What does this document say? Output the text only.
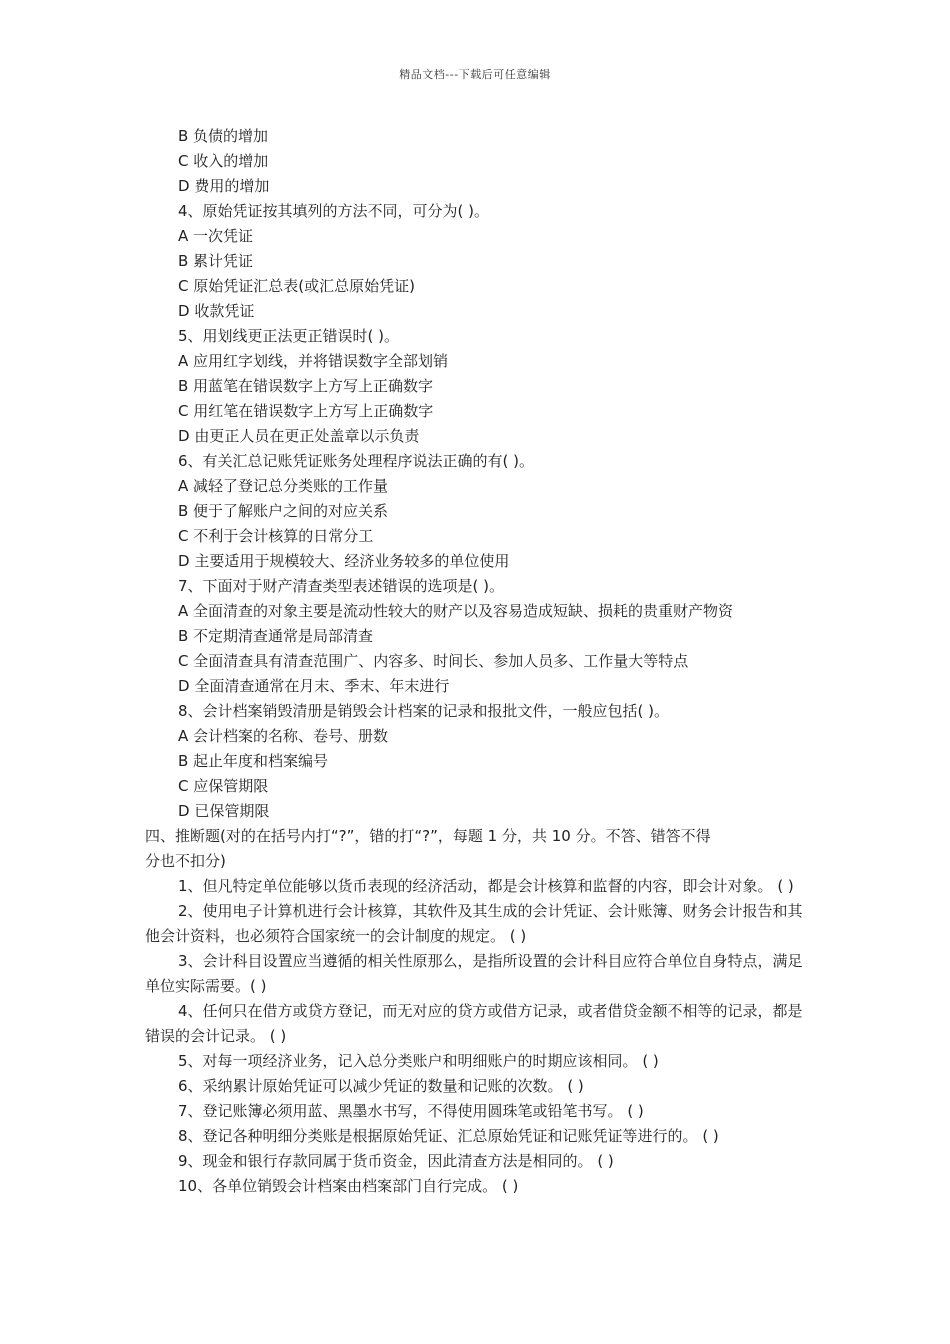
精品文档---下载后可任意编辑
B 负债的增加
C 收入的增加
D 费用的增加
4、原始凭证按其填列的方法不同，可分为( )。
A 一次凭证
B 累计凭证
C 原始凭证汇总表(或汇总原始凭证)
D 收款凭证
5、用划线更正法更正错误时( )。
A 应用红字划线，并将错误数字全部划销
B 用蓝笔在错误数字上方写上正确数字
C 用红笔在错误数字上方写上正确数字
D 由更正人员在更正处盖章以示负责
6、有关汇总记账凭证账务处理程序说法正确的有( )。
A 减轻了登记总分类账的工作量
B 便于了解账户之间的对应关系
C 不利于会计核算的日常分工
D 主要适用于规模较大、经济业务较多的单位使用
7、下面对于财产清查类型表述错误的选项是( )。
A 全面清查的对象主要是流动性较大的财产以及容易造成短缺、损耗的贵重财产物资
B 不定期清查通常是局部清查
C 全面清查具有清查范围广、内容多、时间长、参加人员多、工作量大等特点
D 全面清查通常在月末、季末、年末进行
8、会计档案销毁清册是销毁会计档案的记录和报批文件，一般应包括( )。
A 会计档案的名称、卷号、册数
B 起止年度和档案编号
C 应保管期限
D 已保管期限
四、推断题(对的在括号内打“?”，错的打“?”，每题 1 分，共 10 分。不答、错答不得
分也不扣分)
1、但凡特定单位能够以货币表现的经济活动，都是会计核算和监督的内容，即会计对象。 ( )
2、使用电子计算机进行会计核算，其软件及其生成的会计凭证、会计账簿、财务会计报告和其他会计资料，也必须符合国家统一的会计制度的规定。 ( )
3、会计科目设置应当遵循的相关性原那么，是指所设置的会计科目应符合单位自身特点，满足单位实际需要。( )
4、任何只在借方或贷方登记，而无对应的贷方或借方记录，或者借贷金额不相等的记录，都是错误的会计记录。 ( )
5、对每一项经济业务，记入总分类账户和明细账户的时期应该相同。 ( )
6、采纳累计原始凭证可以减少凭证的数量和记账的次数。 ( )
7、登记账簿必须用蓝、黑墨水书写，不得使用圆珠笔或铅笔书写。 ( )
8、登记各种明细分类账是根据原始凭证、汇总原始凭证和记账凭证等进行的。 ( )
9、现金和银行存款同属于货币资金，因此清查方法是相同的。 ( )
10、各单位销毁会计档案由档案部门自行完成。 ( )
